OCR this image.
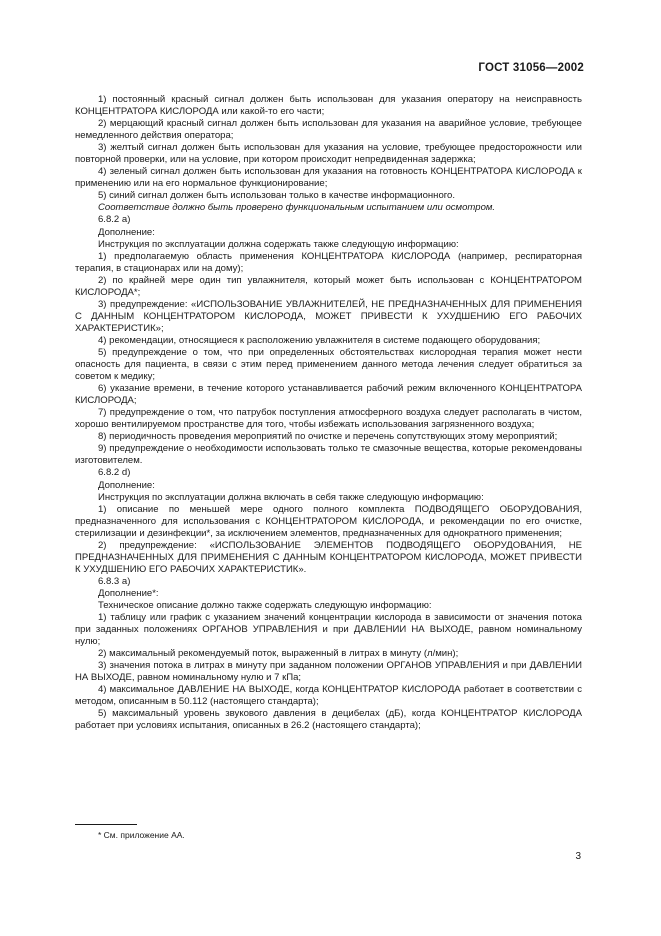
ГОСТ 31056—2002

1) постоянный красный сигнал должен быть использован для указания оператору на неисправность КОНЦЕНТРАТОРА КИСЛОРОДА или какой-то его части;

2) мерцающий красный сигнал должен быть использован для указания на аварийное условие, требующее немедленного действия оператора;

3) желтый сигнал должен быть использован для указания на условие, требующее предосторожности или повторной проверки, или на условие, при котором происходит непредвиденная задержка;

4) зеленый сигнал должен быть использован для указания на готовность КОНЦЕНТРАТОРА КИСЛОРОДА к применению или на его нормальное функционирование;

5) синий сигнал должен быть использован только в качестве информационного.

Соответствие должно быть проверено функциональным испытанием или осмотром.

6.8.2 а)

Дополнение:

Инструкция по эксплуатации должна содержать также следующую информацию:

1) предполагаемую область применения КОНЦЕНТРАТОРА КИСЛОРОДА (например, респираторная терапия, в стационарах или на дому);

2) по крайней мере один тип увлажнителя, который может быть использован с КОНЦЕНТРАТОРОМ КИСЛОРОДА*;

3) предупреждение: «ИСПОЛЬЗОВАНИЕ УВЛАЖНИТЕЛЕЙ, НЕ ПРЕДНАЗНАЧЕННЫХ ДЛЯ ПРИМЕНЕНИЯ С ДАННЫМ КОНЦЕНТРАТОРОМ КИСЛОРОДА, МОЖЕТ ПРИВЕСТИ К УХУДШЕНИЮ ЕГО РАБОЧИХ ХАРАКТЕРИСТИК»;

4) рекомендации, относящиеся к расположению увлажнителя в системе подающего оборудования;

5) предупреждение о том, что при определенных обстоятельствах кислородная терапия может нести опасность для пациента, в связи с этим перед применением данного метода лечения следует обратиться за советом к медику;

6) указание времени, в течение которого устанавливается рабочий режим включенного КОНЦЕНТРАТОРА КИСЛОРОДА;

7) предупреждение о том, что патрубок поступления атмосферного воздуха следует располагать в чистом, хорошо вентилируемом пространстве для того, чтобы избежать использования загрязненного воздуха;

8) периодичность проведения мероприятий по очистке и перечень сопутствующих этому мероприятий;

9) предупреждение о необходимости использовать только те смазочные вещества, которые рекомендованы изготовителем.

6.8.2 d)

Дополнение:

Инструкция по эксплуатации должна включать в себя также следующую информацию:

1) описание по меньшей мере одного полного комплекта ПОДВОДЯЩЕГО ОБОРУДОВАНИЯ, предназначенного для использования с КОНЦЕНТРАТОРОМ КИСЛОРОДА, и рекомендации по его очистке, стерилизации и дезинфекции*, за исключением элементов, предназначенных для однократного применения;

2) предупреждение: «ИСПОЛЬЗОВАНИЕ ЭЛЕМЕНТОВ ПОДВОДЯЩЕГО ОБОРУДОВАНИЯ, НЕ ПРЕДНАЗНАЧЕННЫХ ДЛЯ ПРИМЕНЕНИЯ С ДАННЫМ КОНЦЕНТРАТОРОМ КИСЛОРОДА, МОЖЕТ ПРИВЕСТИ К УХУДШЕНИЮ ЕГО РАБОЧИХ ХАРАКТЕРИСТИК».

6.8.3 а)

Дополнение*:

Техническое описание должно также содержать следующую информацию:

1) таблицу или график с указанием значений концентрации кислорода в зависимости от значения потока при заданных положениях ОРГАНОВ УПРАВЛЕНИЯ и при ДАВЛЕНИИ НА ВЫХОДЕ, равном номинальному нулю;

2) максимальный рекомендуемый поток, выраженный в литрах в минуту (л/мин);

3) значения потока в литрах в минуту при заданном положении ОРГАНОВ УПРАВЛЕНИЯ и при ДАВЛЕНИИ НА ВЫХОДЕ, равном номинальному нулю и 7 кПа;

4) максимальное ДАВЛЕНИЕ НА ВЫХОДЕ, когда КОНЦЕНТРАТОР КИСЛОРОДА работает в соответствии с методом, описанным в 50.112 (настоящего стандарта);

5) максимальный уровень звукового давления в децибелах (дБ), когда КОНЦЕНТРАТОР КИСЛОРОДА работает при условиях испытания, описанных в 26.2 (настоящего стандарта);

* См. приложение АА.
3
